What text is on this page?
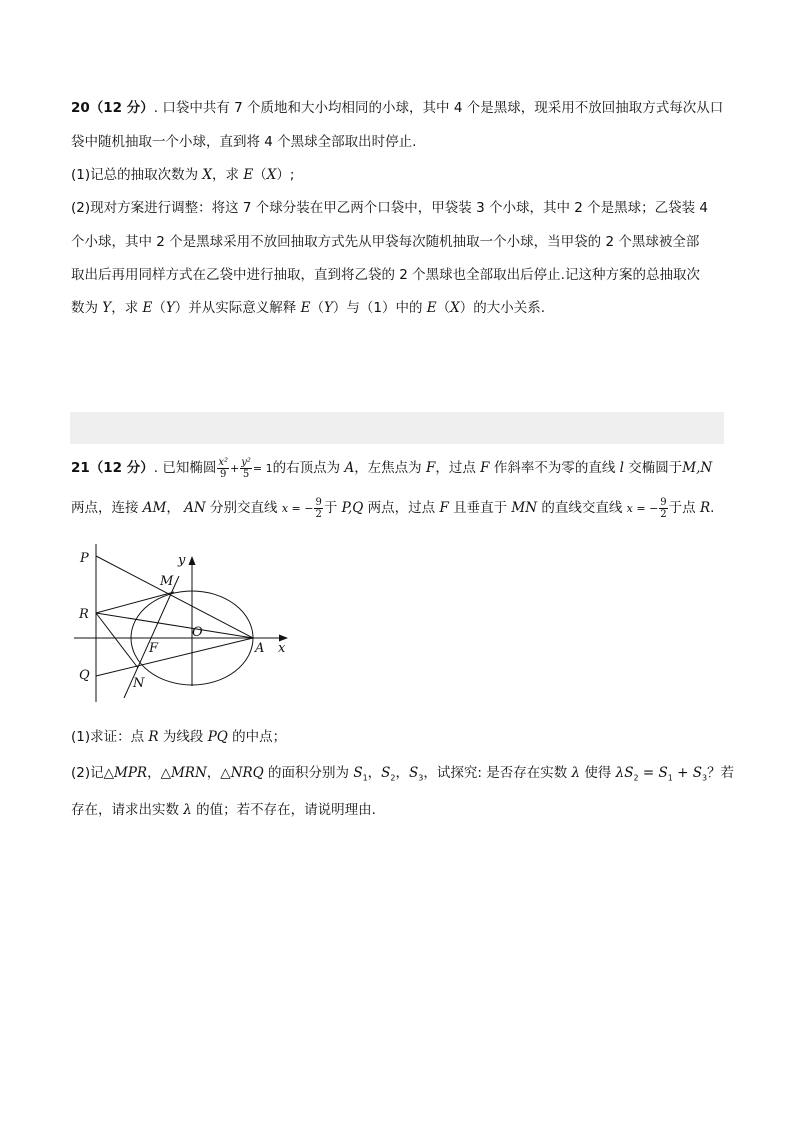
20（12 分）. 口袋中共有 7 个质地和大小均相同的小球，其中 4 个是黑球，现采用不放回抽取方式每次从口
袋中随机抽取一个小球，直到将 4 个黑球全部取出时停止.
(1)记总的抽取次数为 X，求 E（X）;
(2)现对方案进行调整：将这 7 个球分装在甲乙两个口袋中，甲袋装 3 个小球，其中 2 个是黑球；乙袋装 4
个小球，其中 2 个是黑球采用不放回抽取方式先从甲袋每次随机抽取一个小球，当甲袋的 2 个黑球被全部
取出后再用同样方式在乙袋中进行抽取，直到将乙袋的 2 个黑球也全部取出后停止.记这种方案的总抽取次
数为 Y，求 E（Y）并从实际意义解释 E（Y）与（1）中的 E（X）的大小关系.
21（12 分）. 已知椭圆 $\frac{\text{x²}}{9} + \frac{\text{y²}}{5} = 1$的右顶点为 A，左焦点为 F，过点 F 作斜率不为零的直线 l 交椭圆于M,N
两点，连接 AM， AN 分别交直线 x = − $\frac{9}{2}$ 于 P,Q 两点，过点 F 且垂直于 MN 的直线交直线 x = − $\frac{9}{2}$ 于点 R.
P
M
y
R
O
F	A x
Q
N
(1)求证：点 R 为线段 PQ 的中点；
(2)记△MPR，△MRN，△NRQ 的面积分别为 $S_1$，$S_2$，$S_3$，试探究: 是否存在实数 λ 使得 $\lambda S_2 = S_1 + S_3$？若
存在，请求出实数 λ 的值；若不存在，请说明理由.
